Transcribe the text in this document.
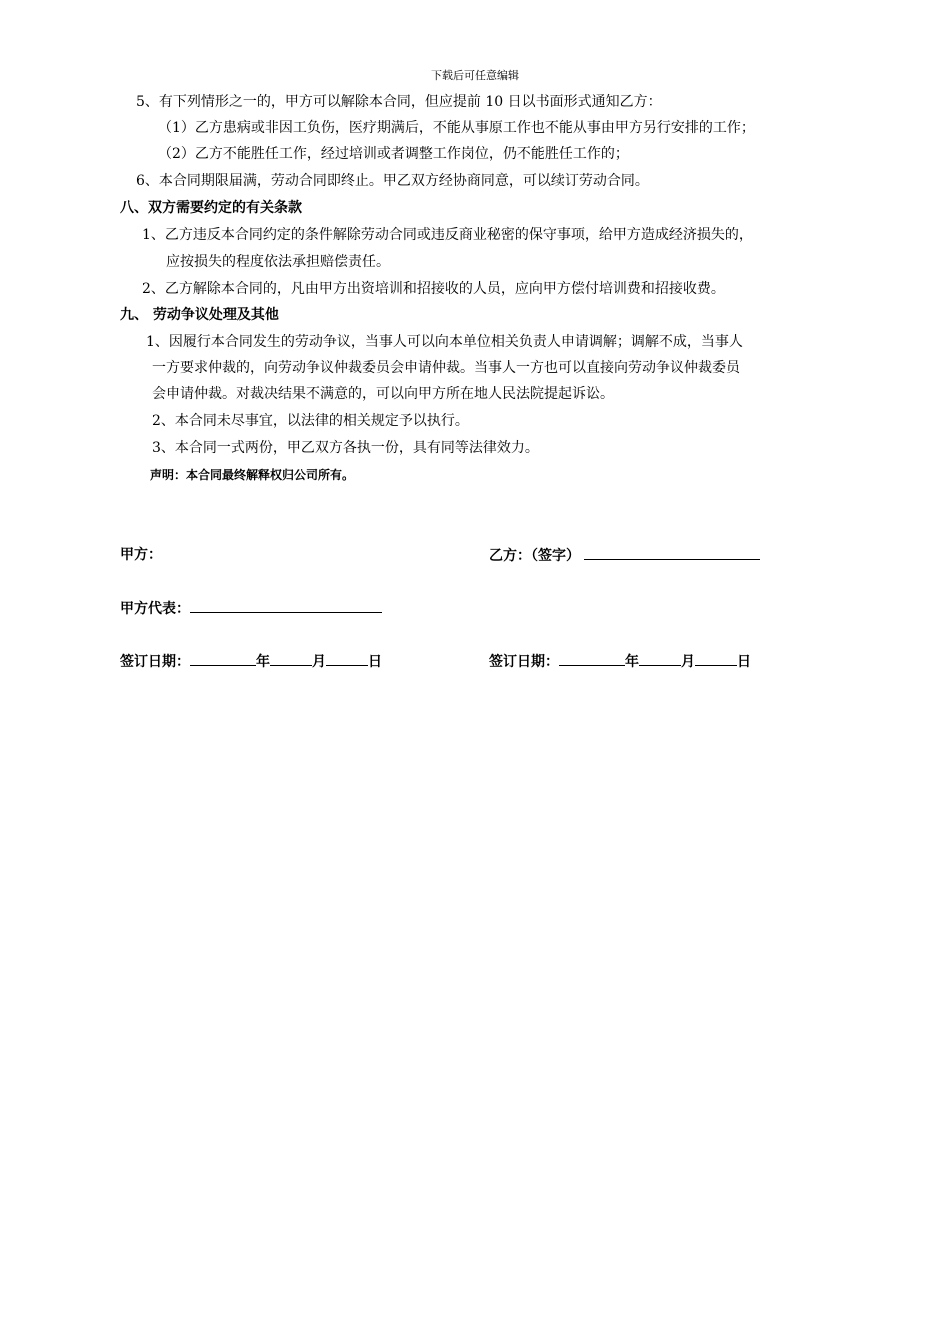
下载后可任意编辑
5、有下列情形之一的，甲方可以解除本合同，但应提前 10 日以书面形式通知乙方：
（1）乙方患病或非因工负伤，医疗期满后，不能从事原工作也不能从事由甲方另行安排的工作；
（2）乙方不能胜任工作，经过培训或者调整工作岗位，仍不能胜任工作的；
6、本合同期限届满，劳动合同即终止。甲乙双方经协商同意，可以续订劳动合同。
八、双方需要约定的有关条款
1、乙方违反本合同约定的条件解除劳动合同或违反商业秘密的保守事项，给甲方造成经济损失的，
应按损失的程度依法承担赔偿责任。
2、乙方解除本合同的，凡由甲方出资培训和招接收的人员，应向甲方偿付培训费和招接收费。
九、 劳动争议处理及其他
1、因履行本合同发生的劳动争议，当事人可以向本单位相关负责人申请调解；调解不成，当事人
一方要求仲裁的，向劳动争议仲裁委员会申请仲裁。当事人一方也可以直接向劳动争议仲裁委员
会申请仲裁。对裁决结果不满意的，可以向甲方所在地人民法院提起诉讼。
2、本合同未尽事宜，以法律的相关规定予以执行。
3、本合同一式两份，甲乙双方各执一份，具有同等法律效力。
声明：本合同最终解释权归公司所有。
甲方：	乙方：（签字）
甲方代表：
签订日期：	年	月	日	签订日期：	年	月	日
